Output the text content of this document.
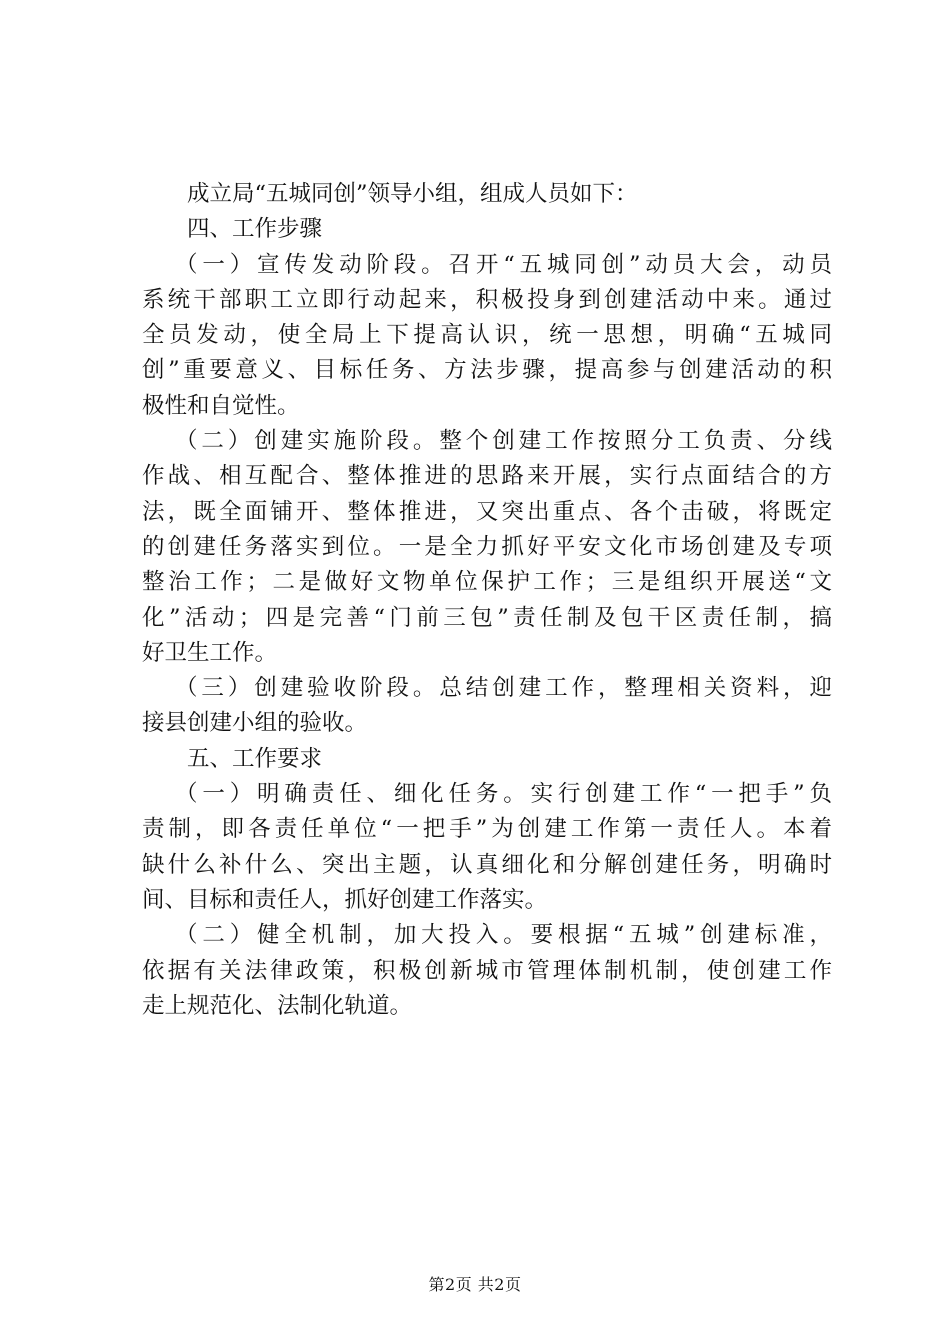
成立局“五城同创”领导小组，组成人员如下：
四、工作步骤
（一）宣传发动阶段。召开“五城同创”动员大会，动员
系统干部职工立即行动起来，积极投身到创建活动中来。通过
全员发动，使全局上下提高认识，统一思想，明确“五城同
创”重要意义、目标任务、方法步骤，提高参与创建活动的积
极性和自觉性。
（二）创建实施阶段。整个创建工作按照分工负责、分线
作战、相互配合、整体推进的思路来开展，实行点面结合的方
法，既全面铺开、整体推进，又突出重点、各个击破，将既定
的创建任务落实到位。一是全力抓好平安文化市场创建及专项
整治工作；二是做好文物单位保护工作；三是组织开展送“文
化”活动；四是完善“门前三包”责任制及包干区责任制，搞
好卫生工作。
（三）创建验收阶段。总结创建工作，整理相关资料，迎
接县创建小组的验收。
五、工作要求
（一）明确责任、细化任务。实行创建工作“一把手”负
责制，即各责任单位“一把手”为创建工作第一责任人。本着
缺什么补什么、突出主题，认真细化和分解创建任务，明确时
间、目标和责任人，抓好创建工作落实。
（二）健全机制，加大投入。要根据“五城”创建标准，
依据有关法律政策，积极创新城市管理体制机制，使创建工作
走上规范化、法制化轨道。
第2页 共2页
